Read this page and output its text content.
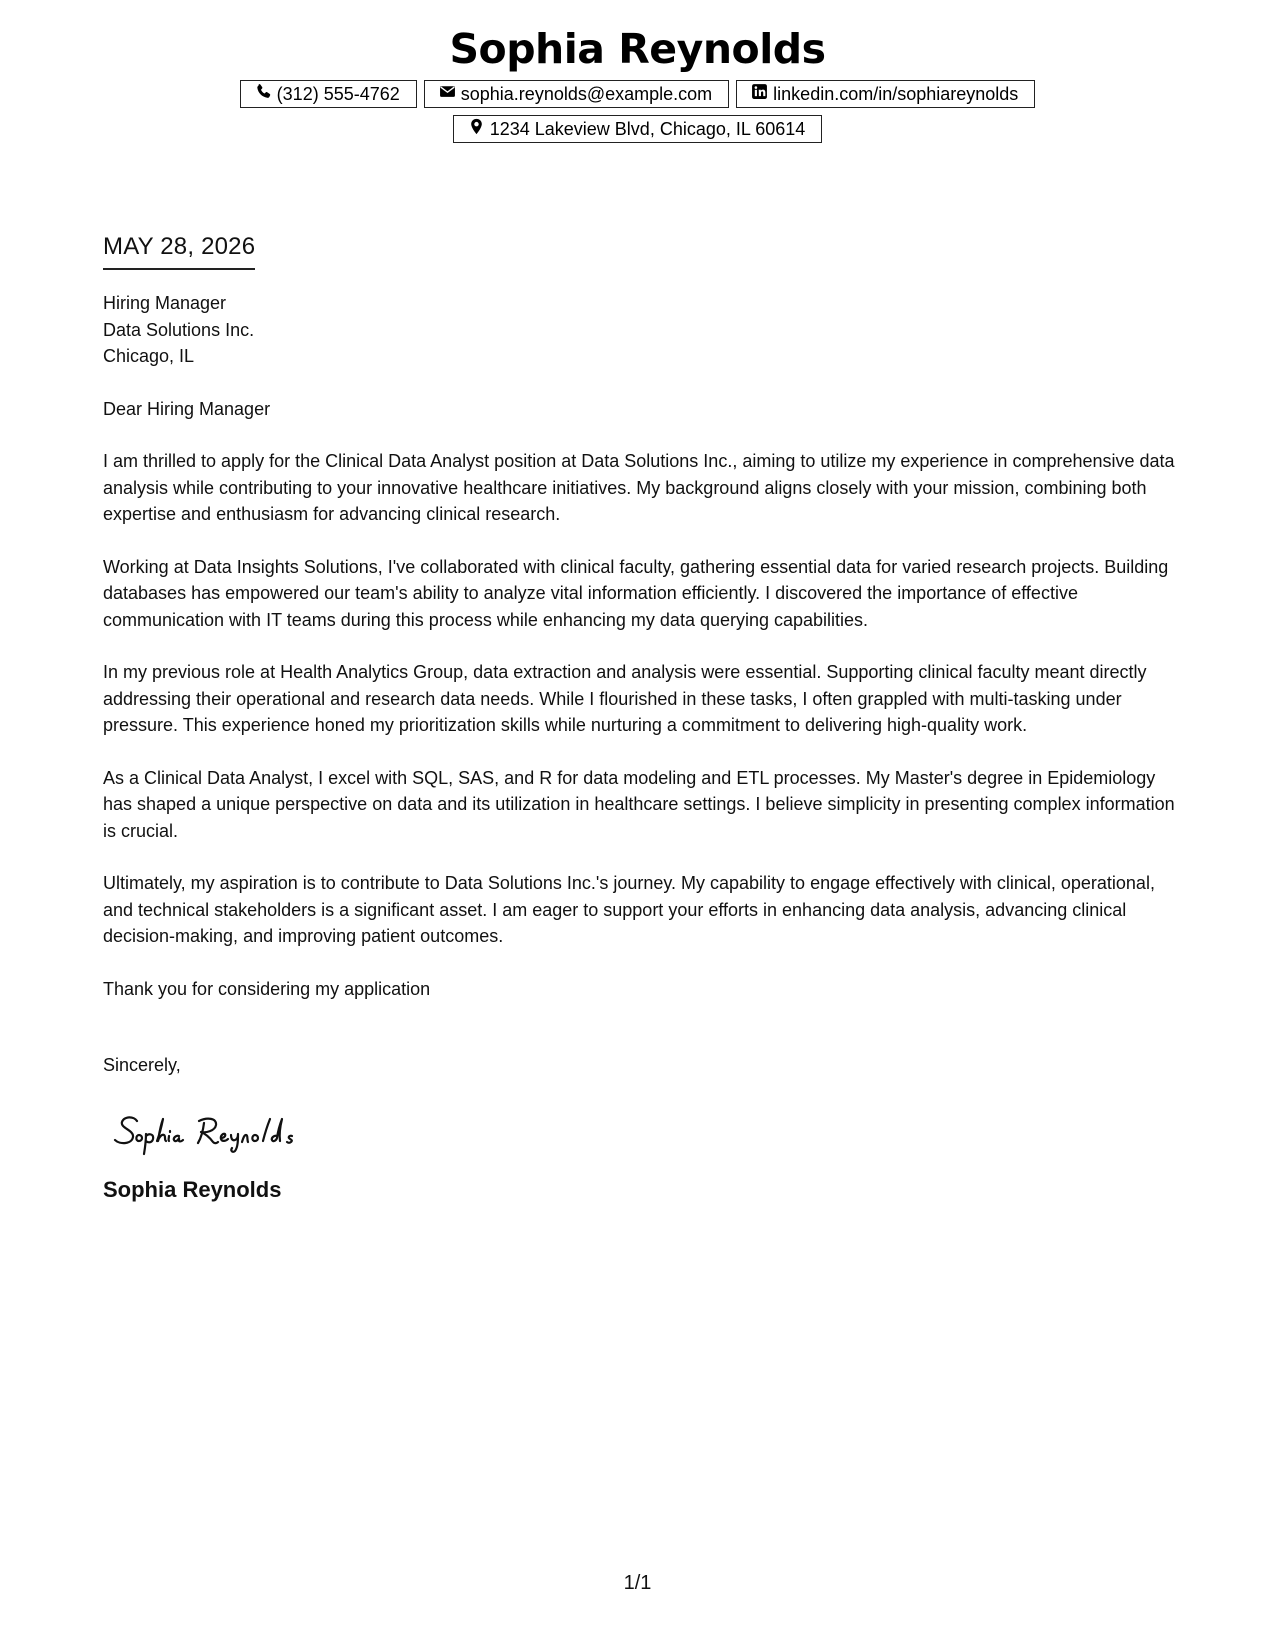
Sophia Reynolds
(312) 555-4762	sophia.reynolds@example.com	linkedin.com/in/sophiareynolds
1234 Lakeview Blvd, Chicago, IL 60614
MAY 28, 2026
Hiring Manager
Data Solutions Inc.
Chicago, IL
Dear Hiring Manager
I am thrilled to apply for the Clinical Data Analyst position at Data Solutions Inc., aiming to utilize my experience in comprehensive data analysis while contributing to your innovative healthcare initiatives. My background aligns closely with your mission, combining both expertise and enthusiasm for advancing clinical research.
Working at Data Insights Solutions, I've collaborated with clinical faculty, gathering essential data for varied research projects. Building databases has empowered our team's ability to analyze vital information efficiently. I discovered the importance of effective communication with IT teams during this process while enhancing my data querying capabilities.
In my previous role at Health Analytics Group, data extraction and analysis were essential. Supporting clinical faculty meant directly addressing their operational and research data needs. While I flourished in these tasks, I often grappled with multi-tasking under pressure. This experience honed my prioritization skills while nurturing a commitment to delivering high-quality work.
As a Clinical Data Analyst, I excel with SQL, SAS, and R for data modeling and ETL processes. My Master's degree in Epidemiology has shaped a unique perspective on data and its utilization in healthcare settings. I believe simplicity in presenting complex information is crucial.
Ultimately, my aspiration is to contribute to Data Solutions Inc.'s journey. My capability to engage effectively with clinical, operational, and technical stakeholders is a significant asset. I am eager to support your efforts in enhancing data analysis, advancing clinical decision-making, and improving patient outcomes.
Thank you for considering my application
Sincerely,
Sophia Reynolds
1/1
